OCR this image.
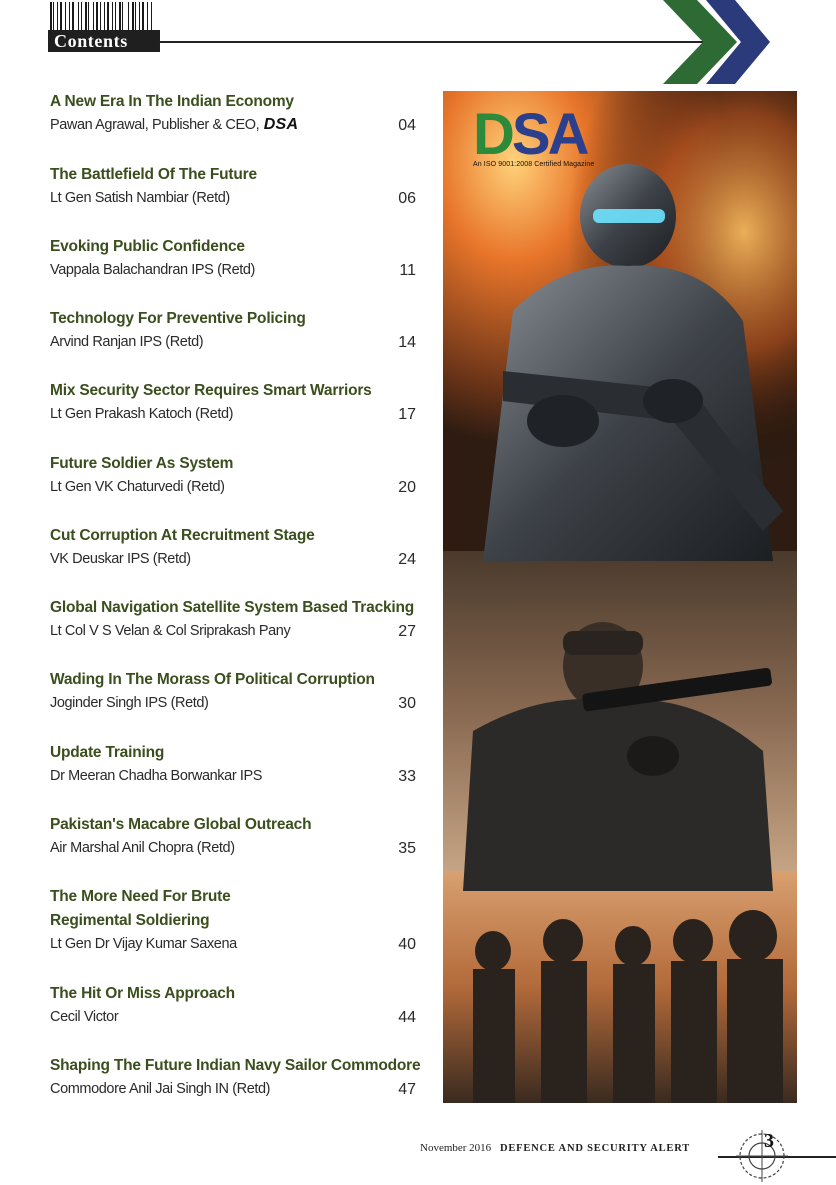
Contents
A New Era In The Indian Economy
Pawan Agrawal, Publisher & CEO, DSA	04
The Battlefield Of The Future
Lt Gen Satish Nambiar (Retd)	06
Evoking Public Confidence
Vappala Balachandran IPS (Retd)	11
Technology For Preventive Policing
Arvind Ranjan IPS (Retd)	14
Mix Security Sector Requires Smart Warriors
Lt Gen Prakash Katoch (Retd)	17
Future Soldier As System
Lt Gen VK Chaturvedi (Retd)	20
Cut Corruption At Recruitment Stage
VK Deuskar IPS (Retd)	24
Global Navigation Satellite System Based Tracking
Lt Col V S Velan & Col Sriprakash Pany	27
Wading In The Morass Of Political Corruption
Joginder Singh IPS (Retd)	30
Update Training
Dr Meeran Chadha Borwankar IPS	33
Pakistan's Macabre Global Outreach
Air Marshal Anil Chopra (Retd)	35
The More Need For Brute
Regimental Soldiering
Lt Gen Dr Vijay Kumar Saxena	40
The Hit Or Miss Approach
Cecil Victor	44
Shaping The Future Indian Navy Sailor Commodore
Commodore Anil Jai Singh IN (Retd)	47
DSA
An ISO 9001:2008 Certified Magazine
November 2016 DEFENCE AND SECURITY ALERT	3
